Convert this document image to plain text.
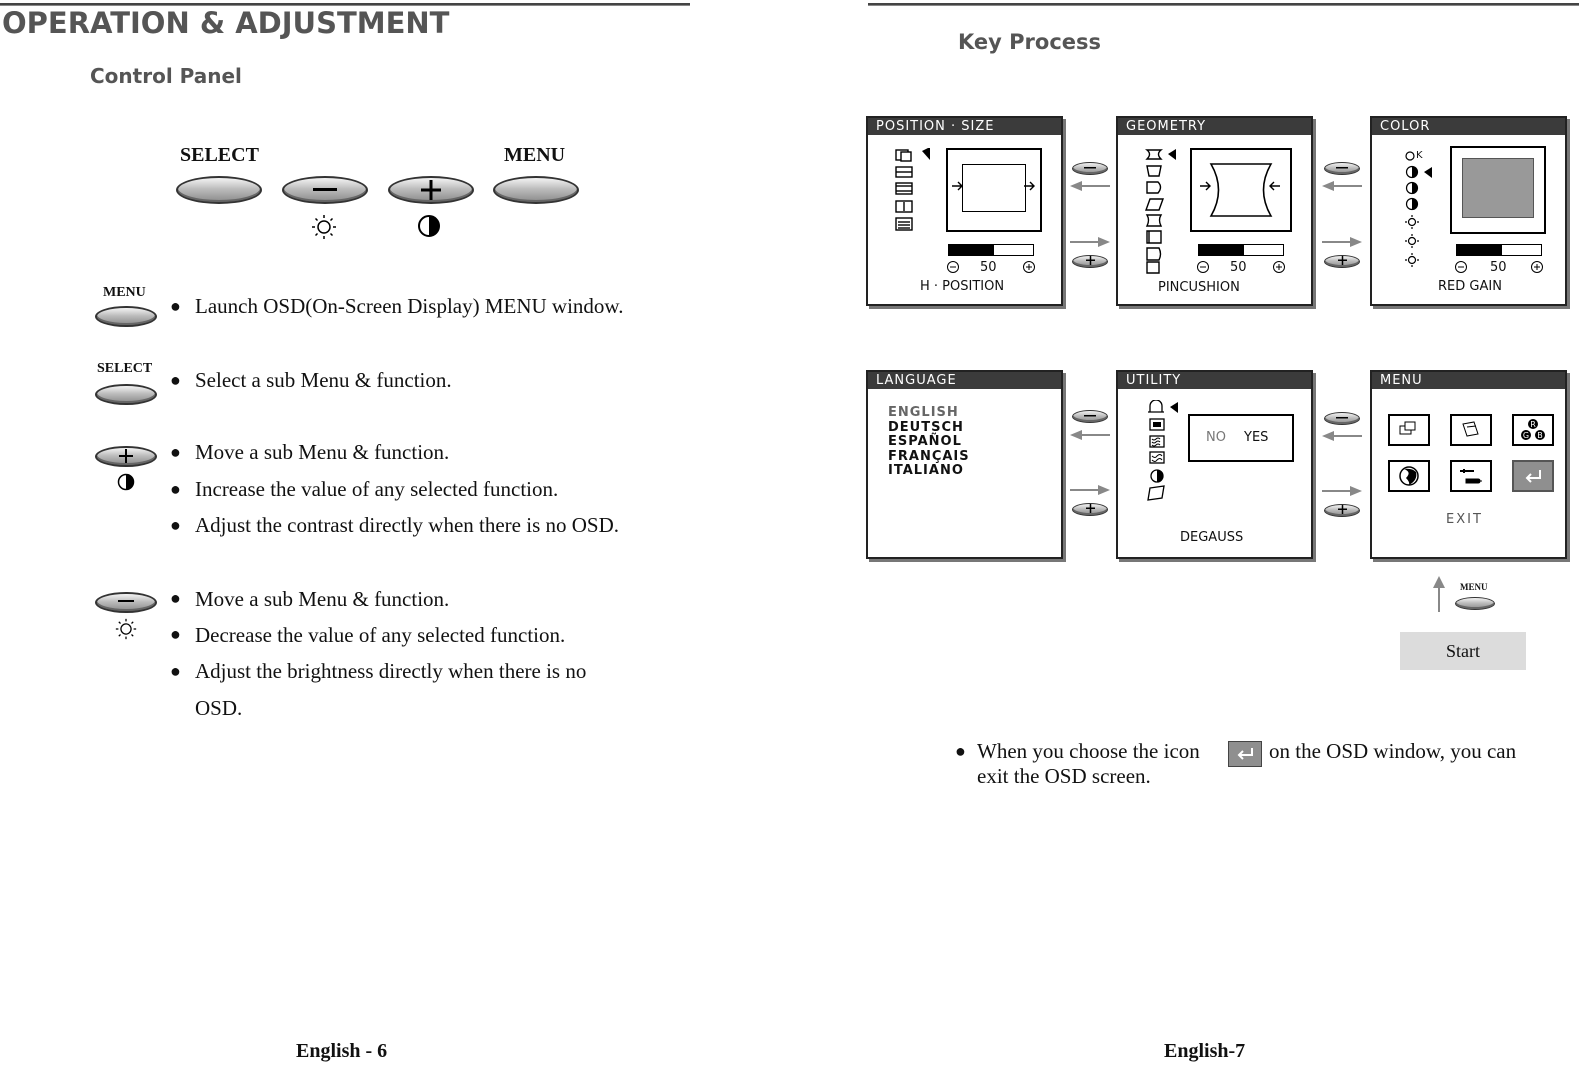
OPERATION & ADJUSTMENT
Control Panel
SELECT	MENU
MENU
● Launch OSD(On-Screen Display) MENU window.
SELECT
● Select a sub Menu & function.
● Move a sub Menu & function.
● Increase the value of any selected function.
● Adjust the contrast directly when there is no OSD.
● Move a sub Menu & function.
● Decrease the value of any selected function.
● Adjust the brightness directly when there is no
OSD.
English - 6
Key Process
POSITION · SIZE
50
H · POSITION
GEOMETRY
50
PINCUSHION
COLOR
K
50
RED GAIN
LANGUAGE
ENGLISH
DEUTSCH
ESPAÑOL
FRANÇAIS
ITALIANO
UTILITY
NO YES
DEGAUSS
MENU
R
G B
EXIT
MENU
Start
● When you choose the icon	on the OSD window, you can
exit the OSD screen.
English-7
